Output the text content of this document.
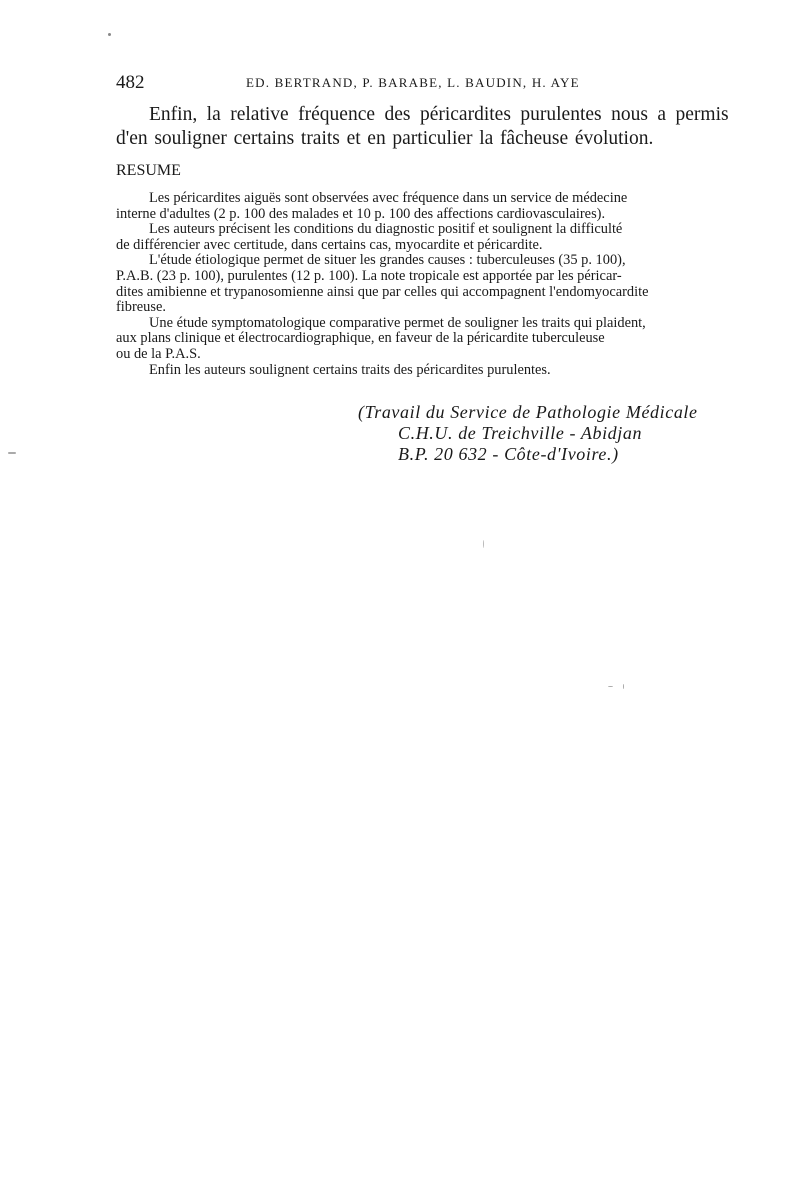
482	ED. BERTRAND, P. BARABE, L. BAUDIN, H. AYE

Enfin, la relative fréquence des péricardites purulentes nous a permis
d'en souligner certains traits et en particulier la fâcheuse évolution.

RESUME

Les péricardites aiguës sont observées avec fréquence dans un service de médecine
interne d'adultes (2 p. 100 des malades et 10 p. 100 des affections cardiovasculaires).

Les auteurs précisent les conditions du diagnostic positif et soulignent la difficulté
de différencier avec certitude, dans certains cas, myocardite et péricardite.

L'étude étiologique permet de situer les grandes causes : tuberculeuses (35 p. 100),
P.A.B. (23 p. 100), purulentes (12 p. 100). La note tropicale est apportée par les péricar-
dites amibienne et trypanosomienne ainsi que par celles qui accompagnent l'endomyocardite
fibreuse.

Une étude symptomatologique comparative permet de souligner les traits qui plaident,
aux plans clinique et électrocardiographique, en faveur de la péricardite tuberculeuse
ou de la P.A.S.

Enfin les auteurs soulignent certains traits des péricardites purulentes.

(Travail du Service de Pathologie Médicale
C.H.U. de Treichville - Abidjan
B.P. 20 632 - Côte-d'Ivoire.)
